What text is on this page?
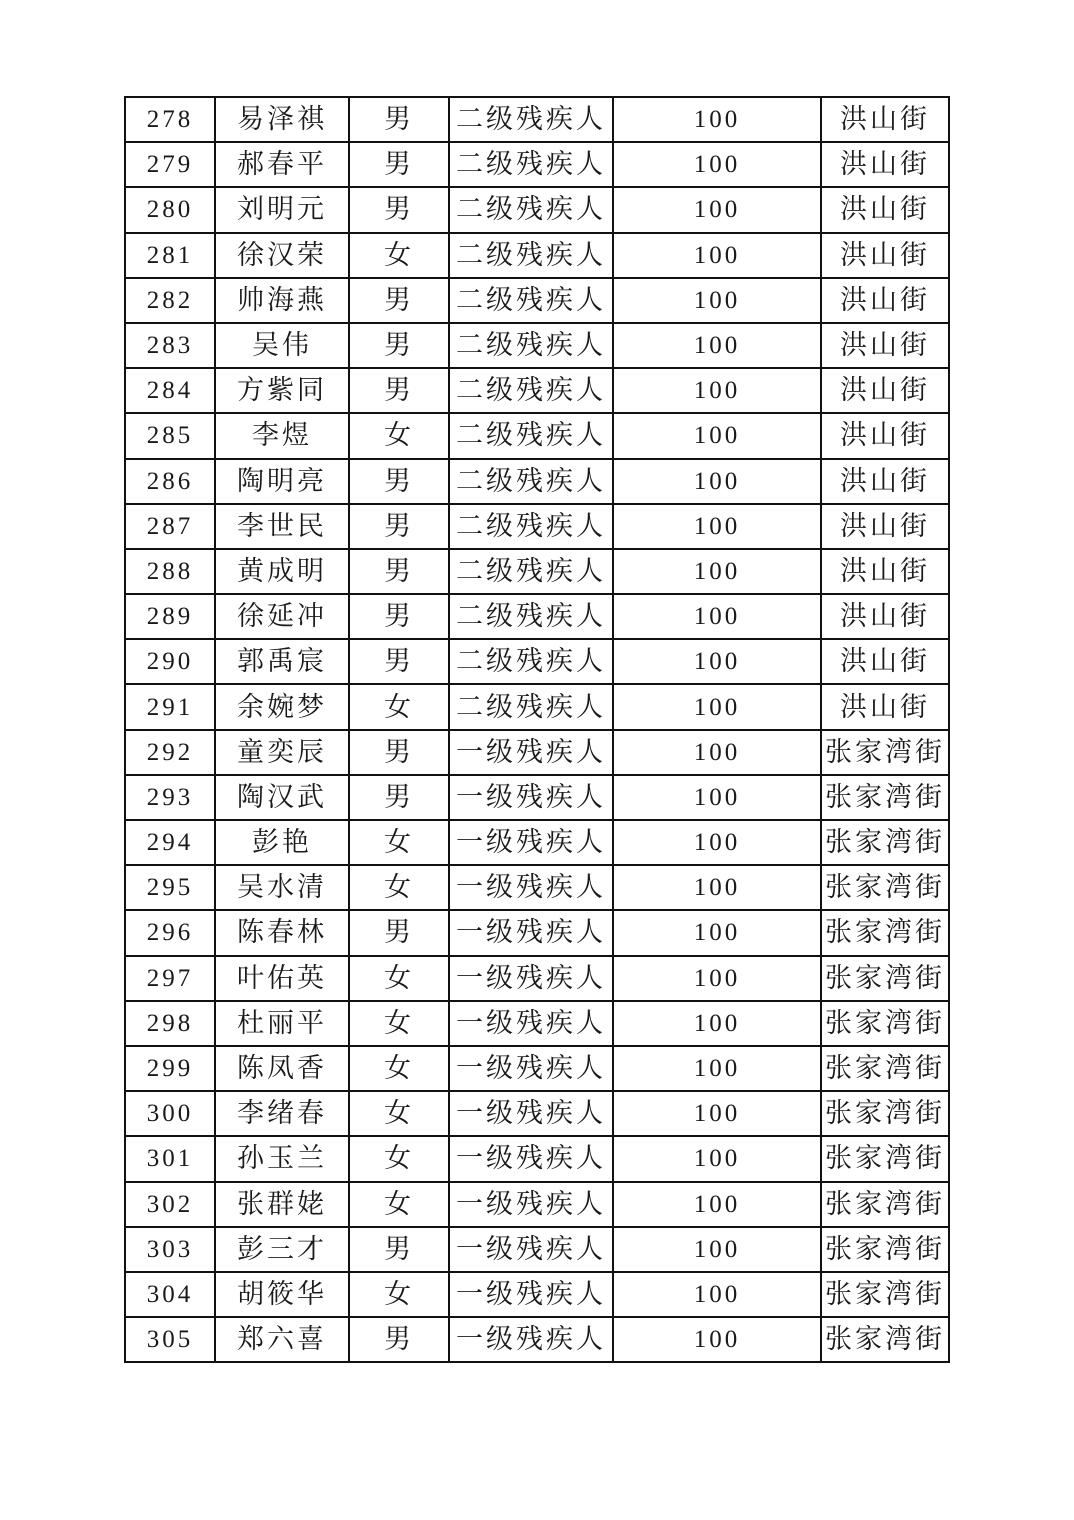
278	易泽祺	男	二级残疾人	100	洪山街
279	郝春平	男	二级残疾人	100	洪山街
280	刘明元	男	二级残疾人	100	洪山街
281	徐汉荣	女	二级残疾人	100	洪山街
282	帅海燕	男	二级残疾人	100	洪山街
283	吴伟	男	二级残疾人	100	洪山街
284	方紫同	男	二级残疾人	100	洪山街
285	李煜	女	二级残疾人	100	洪山街
286	陶明亮	男	二级残疾人	100	洪山街
287	李世民	男	二级残疾人	100	洪山街
288	黄成明	男	二级残疾人	100	洪山街
289	徐延冲	男	二级残疾人	100	洪山街
290	郭禹宸	男	二级残疾人	100	洪山街
291	余婉梦	女	二级残疾人	100	洪山街
292	童奕辰	男	一级残疾人	100	张家湾街
293	陶汉武	男	一级残疾人	100	张家湾街
294	彭艳	女	一级残疾人	100	张家湾街
295	吴水清	女	一级残疾人	100	张家湾街
296	陈春林	男	一级残疾人	100	张家湾街
297	叶佑英	女	一级残疾人	100	张家湾街
298	杜丽平	女	一级残疾人	100	张家湾街
299	陈凤香	女	一级残疾人	100	张家湾街
300	李绪春	女	一级残疾人	100	张家湾街
301	孙玉兰	女	一级残疾人	100	张家湾街
302	张群姥	女	一级残疾人	100	张家湾街
303	彭三才	男	一级残疾人	100	张家湾街
304	胡筱华	女	一级残疾人	100	张家湾街
305	郑六喜	男	一级残疾人	100	张家湾街
